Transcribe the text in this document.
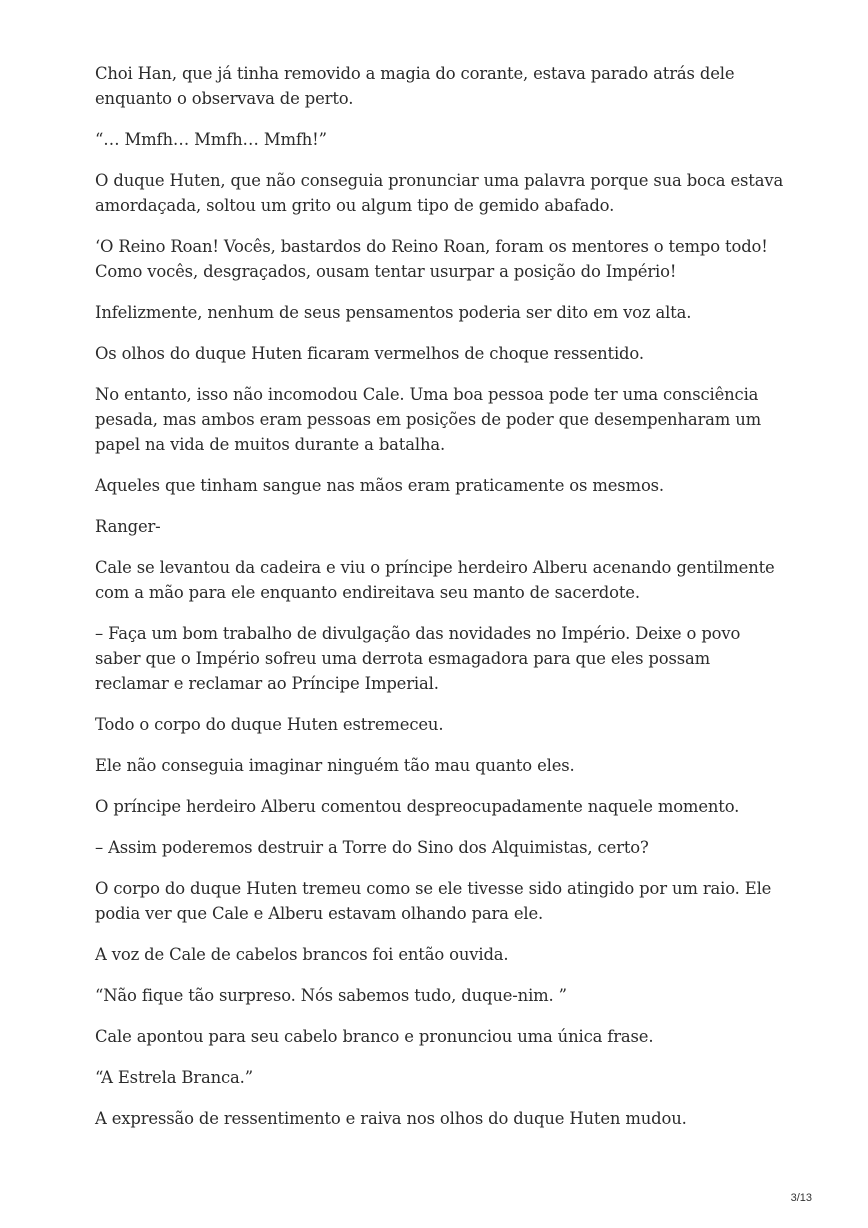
Choi Han, que já tinha removido a magia do corante, estava parado atrás dele enquanto o observava de perto.

“… Mmfh… Mmfh… Mmfh!”

O duque Huten, que não conseguia pronunciar uma palavra porque sua boca estava amordaçada, soltou um grito ou algum tipo de gemido abafado.

‘O Reino Roan! Vocês, bastardos do Reino Roan, foram os mentores o tempo todo! Como vocês, desgraçados, ousam tentar usurpar a posição do Império!

Infelizmente, nenhum de seus pensamentos poderia ser dito em voz alta.

Os olhos do duque Huten ficaram vermelhos de choque ressentido.

No entanto, isso não incomodou Cale. Uma boa pessoa pode ter uma consciência pesada, mas ambos eram pessoas em posições de poder que desempenharam um papel na vida de muitos durante a batalha.

Aqueles que tinham sangue nas mãos eram praticamente os mesmos.

Ranger-

Cale se levantou da cadeira e viu o príncipe herdeiro Alberu acenando gentilmente com a mão para ele enquanto endireitava seu manto de sacerdote.

– Faça um bom trabalho de divulgação das novidades no Império. Deixe o povo saber que o Império sofreu uma derrota esmagadora para que eles possam reclamar e reclamar ao Príncipe Imperial.

Todo o corpo do duque Huten estremeceu.

Ele não conseguia imaginar ninguém tão mau quanto eles.

O príncipe herdeiro Alberu comentou despreocupadamente naquele momento.

– Assim poderemos destruir a Torre do Sino dos Alquimistas, certo?

O corpo do duque Huten tremeu como se ele tivesse sido atingido por um raio. Ele podia ver que Cale e Alberu estavam olhando para ele.

A voz de Cale de cabelos brancos foi então ouvida.

“Não fique tão surpreso. Nós sabemos tudo, duque-nim. ”

Cale apontou para seu cabelo branco e pronunciou uma única frase.

“A Estrela Branca.”

A expressão de ressentimento e raiva nos olhos do duque Huten mudou.

3/13
